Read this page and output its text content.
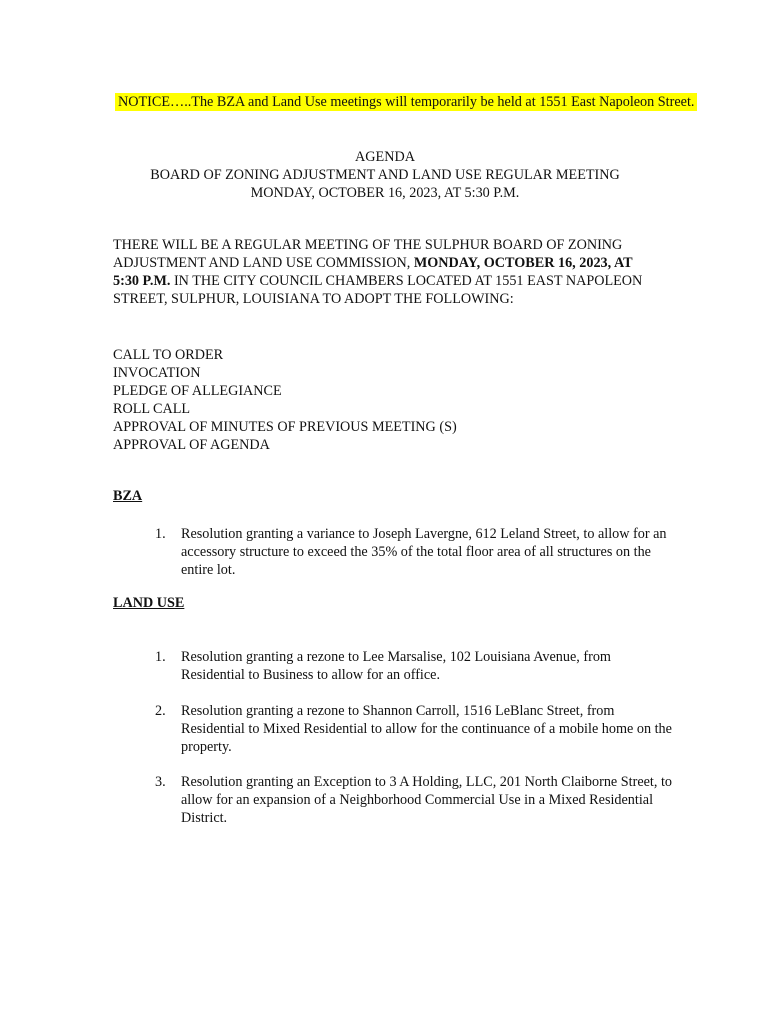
NOTICE…..The BZA and Land Use meetings will temporarily be held at 1551 East Napoleon Street.
AGENDA
BOARD OF ZONING ADJUSTMENT AND LAND USE REGULAR MEETING
MONDAY, OCTOBER 16, 2023, AT 5:30 P.M.
THERE WILL BE A REGULAR MEETING OF THE SULPHUR BOARD OF ZONING ADJUSTMENT AND LAND USE COMMISSION, MONDAY, OCTOBER 16, 2023, AT 5:30 P.M. IN THE CITY COUNCIL CHAMBERS LOCATED AT 1551 EAST NAPOLEON STREET, SULPHUR, LOUISIANA TO ADOPT THE FOLLOWING:
CALL TO ORDER
INVOCATION
PLEDGE OF ALLEGIANCE
ROLL CALL
APPROVAL OF MINUTES OF PREVIOUS MEETING (S)
APPROVAL OF AGENDA
BZA
1. Resolution granting a variance to Joseph Lavergne, 612 Leland Street, to allow for an accessory structure to exceed the 35% of the total floor area of all structures on the entire lot.
LAND USE
1. Resolution granting a rezone to Lee Marsalise, 102 Louisiana Avenue, from Residential to Business to allow for an office.
2. Resolution granting a rezone to Shannon Carroll, 1516 LeBlanc Street, from Residential to Mixed Residential to allow for the continuance of a mobile home on the property.
3. Resolution granting an Exception to 3 A Holding, LLC, 201 North Claiborne Street, to allow for an expansion of a Neighborhood Commercial Use in a Mixed Residential District.
